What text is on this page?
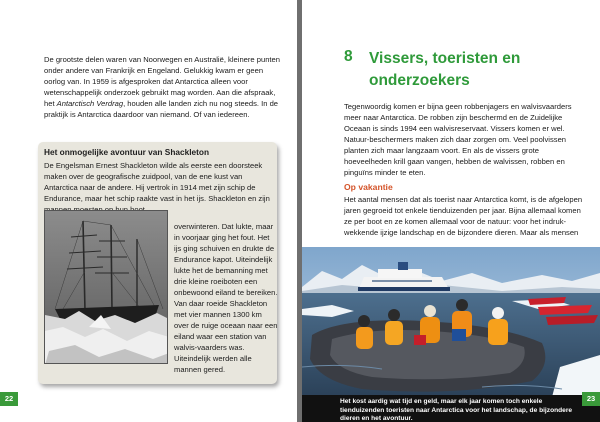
De grootste delen waren van Noorwegen en Australië, kleinere punten onder andere van Frankrijk en Engeland. Gelukkig kwam er geen oorlog van. In 1959 is afgesproken dat Antarctica alleen voor wetenschappelijk onderzoek gebruikt mag worden. Aan die afspraak, het Antarctisch Verdrag, houden alle landen zich nu nog steeds. In de praktijk is Antarctica daardoor van niemand. Of van iedereen.
Het onmogelijke avontuur van Shackleton
De Engelsman Ernest Shackleton wilde als eerste een doorsteek maken over de geografische zuidpool, van de ene kust van Antarctica naar de andere. Hij vertrok in 1914 met zijn schip de Endurance, maar het schip raakte vast in het ijs. Shackleton en zijn
overwinteren. Dat lukte, maar in voorjaar ging het fout. Het ijs ging schuiven en drukte de Endurance kapot. Uiteindelijk lukte het de bemanning met drie kleine roeiboten een onbewoond eiland te bereiken. Van daar roeide Shackleton met vier mannen 1300 km over de ruige oceaan naar een eiland waar een station van walvis-vaarders was. Uiteindelijk werden alle mannen gered.
22
8 Vissers, toeristen en onderzoekers
Tegenwoordig komen er bijna geen robbenjagers en walvisvaarders meer naar Antarctica. De robben zijn beschermd en de Zuidelijke Oceaan is sinds 1994 een walvisreservaat. Vissers komen er wel. Natuur-beschermers maken zich daar zorgen om. Veel poolvissen planten zich maar langzaam voort. En als de vissers grote hoeveelheden krill gaan vangen, hebben de walvissen, robben en pinguïns minder te eten.
Op vakantie
Het aantal mensen dat als toerist naar Antarctica komt, is de afgelopen jaren gegroeid tot enkele tienduizenden per jaar. Bijna allemaal komen ze per boot en ze komen allemaal voor de natuur: voor het indruk-wekkende ijzige landschap en de bijzondere dieren. Maar als mensen
Het kost aardig wat tijd en geld, maar elk jaar komen toch enkele tienduizenden toeristen naar Antarctica voor het landschap, de bijzondere dieren en het avontuur.
23
